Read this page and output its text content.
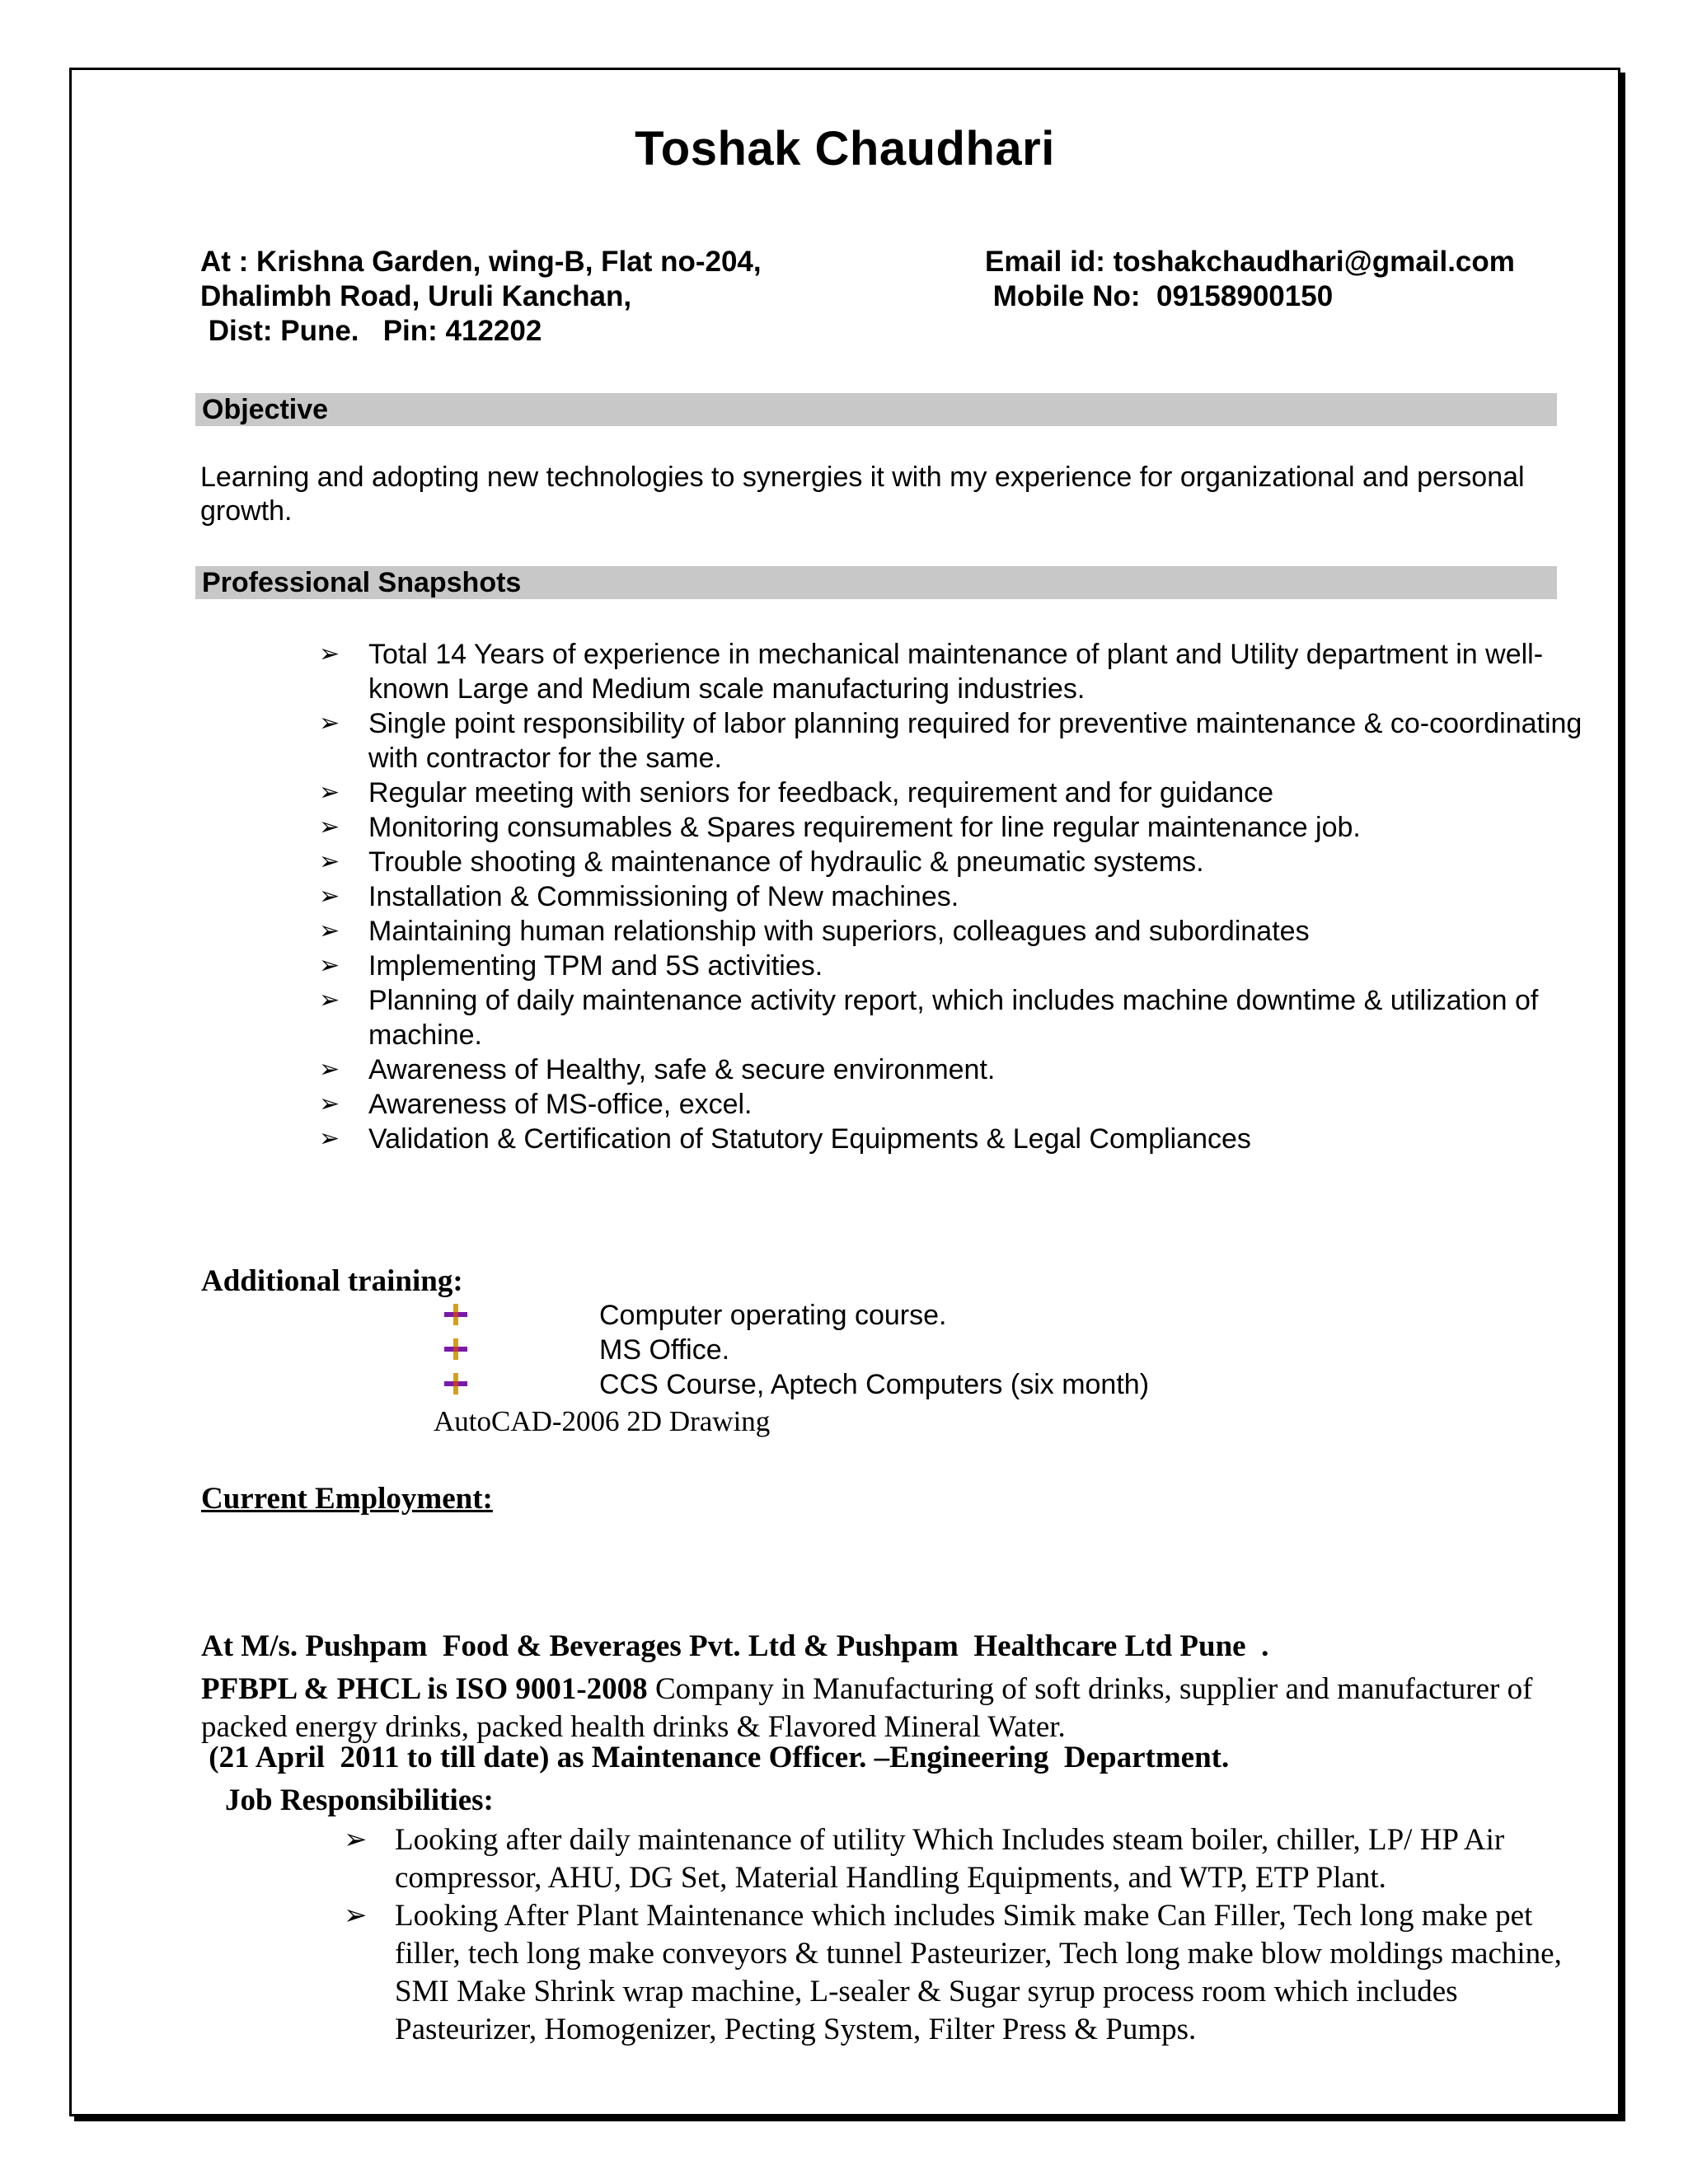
Toshak Chaudhari
At : Krishna Garden, wing-B, Flat no-204,
Dhalimbh Road, Uruli Kanchan,
Dist: Pune.   Pin: 412202
Email id: toshakchaudhari@gmail.com
Mobile No:  09158900150
Objective
Learning and adopting new technologies to synergies it with my experience for organizational and personal growth.
Professional Snapshots
➢ Total 14 Years of experience in mechanical maintenance of plant and Utility department in well-known Large and Medium scale manufacturing industries.
➢ Single point responsibility of labor planning required for preventive maintenance & co-coordinating with contractor for the same.
➢ Regular meeting with seniors for feedback, requirement and for guidance
➢ Monitoring consumables & Spares requirement for line regular maintenance job.
➢ Trouble shooting & maintenance of hydraulic & pneumatic systems.
➢ Installation & Commissioning of New machines.
➢ Maintaining human relationship with superiors, colleagues and subordinates
➢ Implementing TPM and 5S activities.
➢ Planning of daily maintenance activity report, which includes machine downtime & utilization of machine.
➢ Awareness of Healthy, safe & secure environment.
➢ Awareness of MS-office, excel.
➢ Validation & Certification of Statutory Equipments & Legal Compliances
Additional training:
Computer operating course.
MS Office.
CCS Course, Aptech Computers (six month)
AutoCAD-2006 2D Drawing
Current Employment:

At M/s. Pushpam  Food & Beverages Pvt. Ltd & Pushpam  Healthcare Ltd Pune  .

(21 April  2011 to till date) as Maintenance Officer. –Engineering  Department.

PFBPL & PHCL is ISO 9001-2008 Company in Manufacturing of soft drinks, supplier and manufacturer of packed energy drinks, packed health drinks & Flavored Mineral Water.
Job Responsibilities:
➢ Looking after daily maintenance of utility Which Includes steam boiler, chiller, LP/ HP Air compressor, AHU, DG Set, Material Handling Equipments, and WTP, ETP Plant.
➢ Looking After Plant Maintenance which includes Simik make Can Filler, Tech long make pet filler, tech long make conveyors & tunnel Pasteurizer, Tech long make blow moldings machine, SMI Make Shrink wrap machine, L-sealer & Sugar syrup process room which includes Pasteurizer, Homogenizer, Pecting System, Filter Press & Pumps.
